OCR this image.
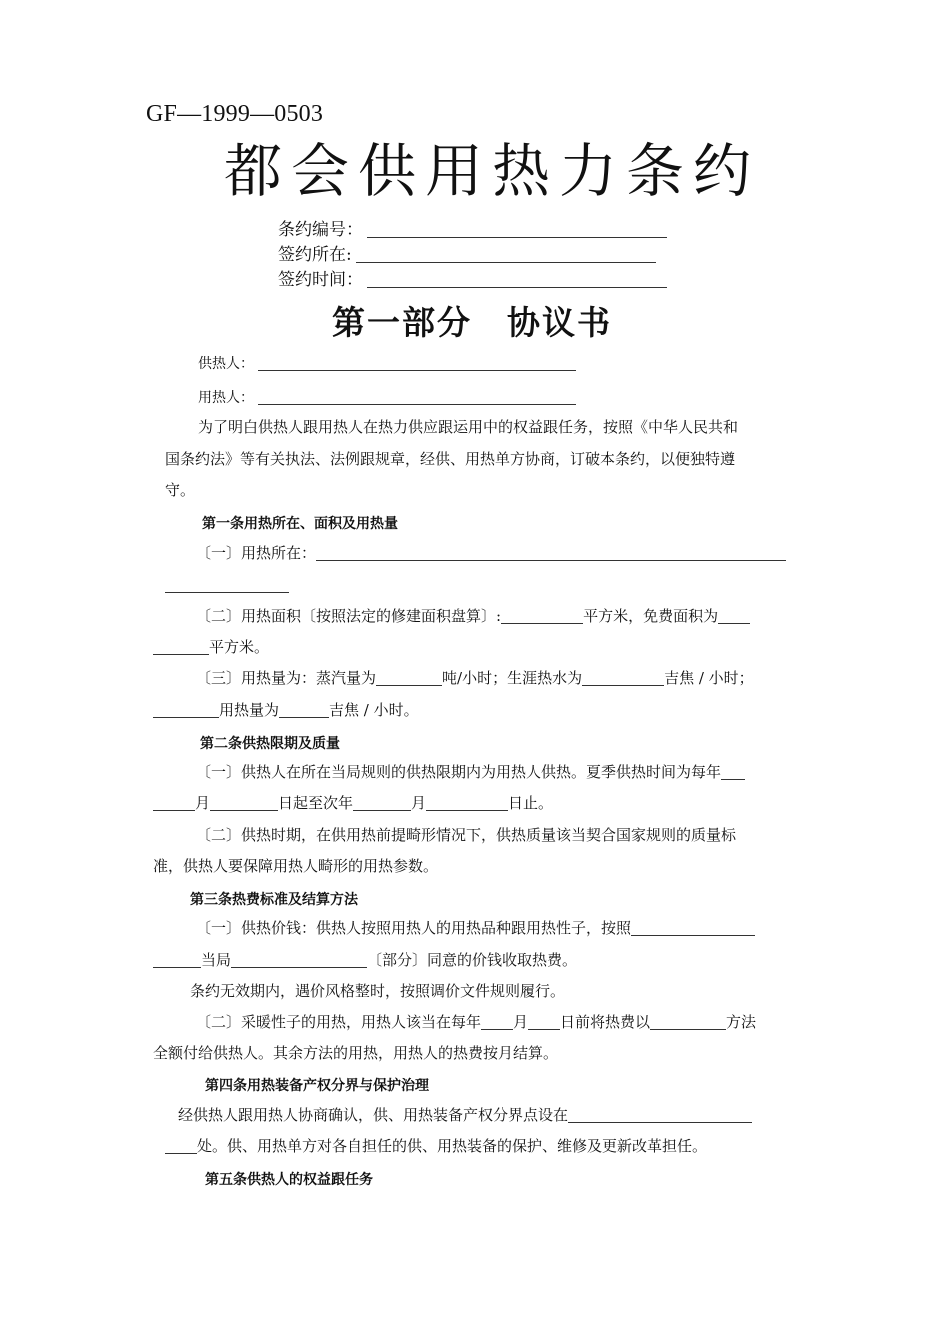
GF—1999—0503
都会供用热力条约
条约编号：
签约所在:
签约时间：
第一部分　协议书
供热人：
用热人：
为了明白供热人跟用热人在热力供应跟运用中的权益跟任务，按照《中华人民共和
国条约法》等有关执法、法例跟规章，经供、用热单方协商，订破本条约，以便独特遵
守。
第一条用热所在、面积及用热量
〔一〕用热所在：
〔二〕用热面积〔按照法定的修建面积盘算〕:	平方米，免费面积为
平方米。
〔三〕用热量为：蒸汽量为	吨/小时；生涯热水为	吉焦 / 小时；
用热量为	吉焦 / 小时。
第二条供热限期及质量
〔一〕供热人在所在当局规则的供热限期内为用热人供热。夏季供热时间为每年
月	日起至次年	月	日止。
〔二〕供热时期，在供用热前提畸形情况下，供热质量该当契合国家规则的质量标
准，供热人要保障用热人畸形的用热参数。
第三条热费标准及结算方法
〔一〕供热价钱：供热人按照用热人的用热品种跟用热性子，按照
当局	〔部分〕同意的价钱收取热费。
条约无效期内，遇价风格整时，按照调价文件规则履行。
〔二〕采暖性子的用热，用热人该当在每年 月 日前将热费以	方法
全额付给供热人。其余方法的用热，用热人的热费按月结算。
第四条用热装备产权分界与保护治理
经供热人跟用热人协商确认，供、用热装备产权分界点设在
处。供、用热单方对各自担任的供、用热装备的保护、维修及更新改革担任。
第五条供热人的权益跟任务
